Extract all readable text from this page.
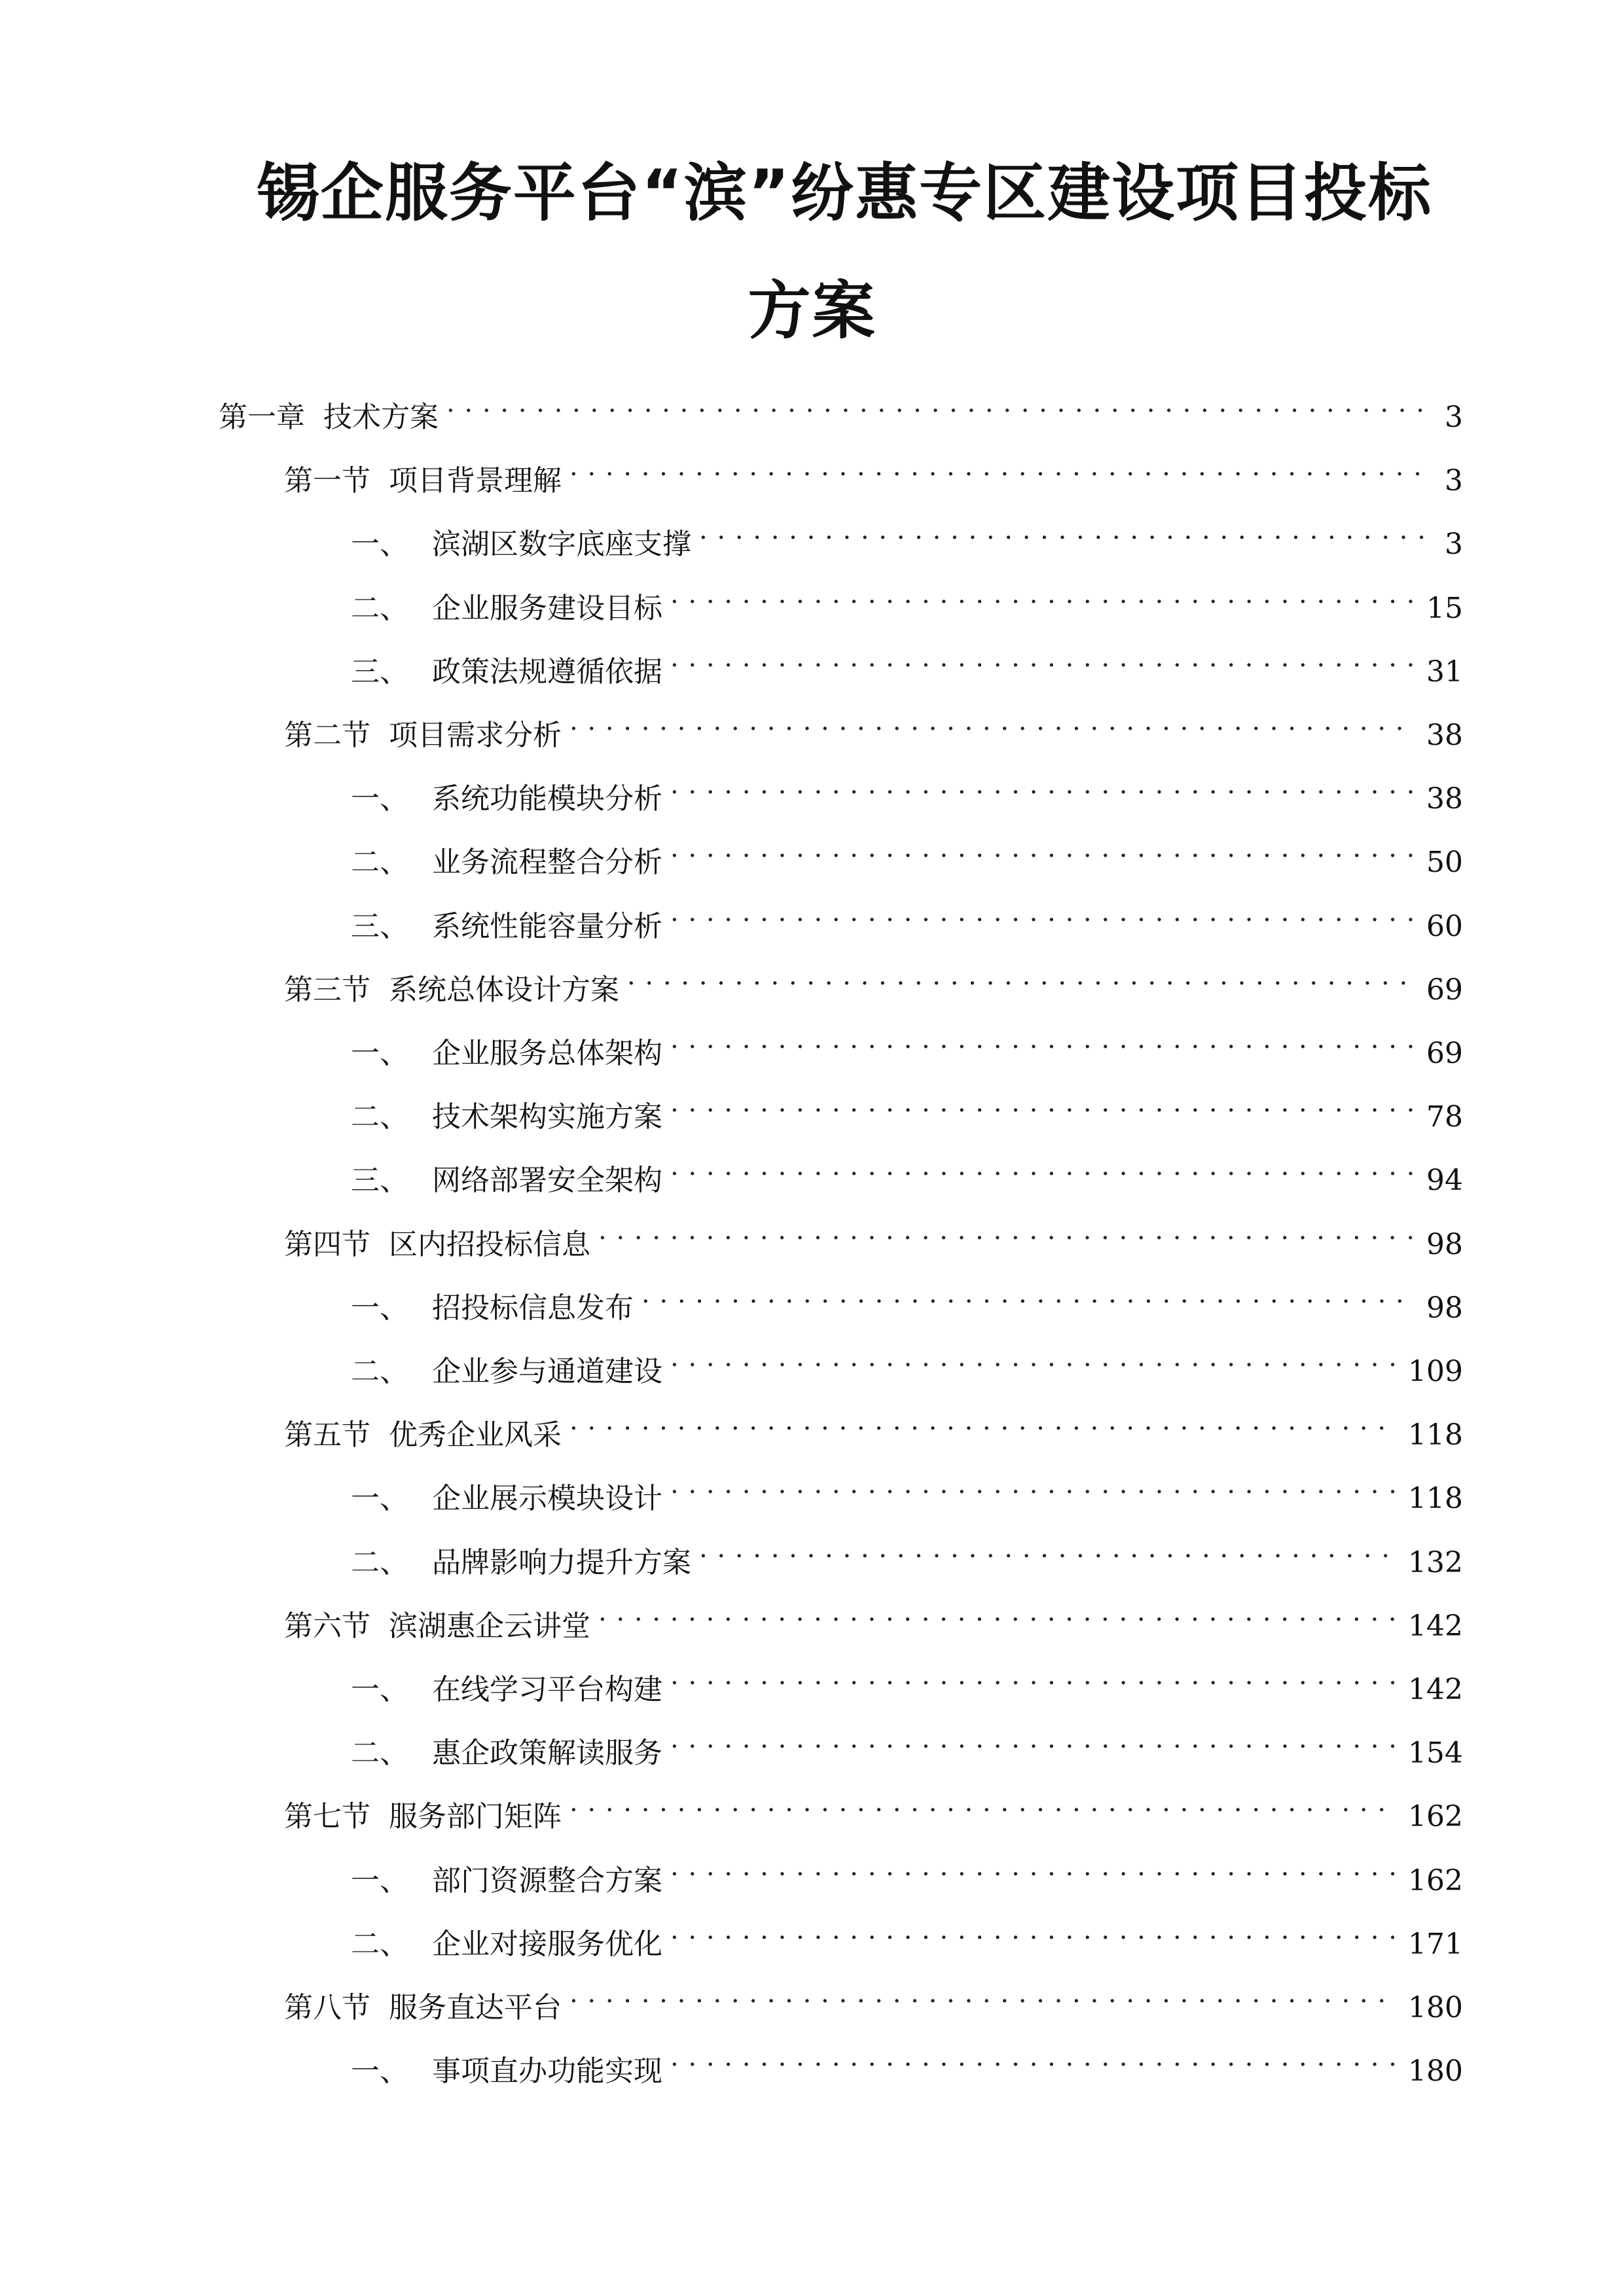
锡企服务平台“滨”纷惠专区建设项目投标
方案
第一章 技术方案 . . .	3
第一节 项目背景理解 . . .	3
一、 滨湖区数字底座支撑 . . .	3
二、 企业服务建设目标 . . .	15
三、 政策法规遵循依据 . . .	31
第二节 项目需求分析 . . .	38
一、 系统功能模块分析 . . .	38
二、 业务流程整合分析 . . .	50
三、 系统性能容量分析 . . .	60
第三节 系统总体设计方案 . . .	69
一、 企业服务总体架构 . . .	69
二、 技术架构实施方案 . . .	78
三、 网络部署安全架构 . . .	94
第四节 区内招投标信息 . . .	98
一、 招投标信息发布 . . .	98
二、 企业参与通道建设 . . .	109
第五节 优秀企业风采 . . .	118
一、 企业展示模块设计 . . .	118
二、 品牌影响力提升方案 . . .	132
第六节 滨湖惠企云讲堂 . . .	142
一、 在线学习平台构建 . . .	142
二、 惠企政策解读服务 . . .	154
第七节 服务部门矩阵 . . .	162
一、 部门资源整合方案 . . .	162
二、 企业对接服务优化 . . .	171
第八节 服务直达平台 . . .	180
一、 事项直办功能实现 . . .	180
